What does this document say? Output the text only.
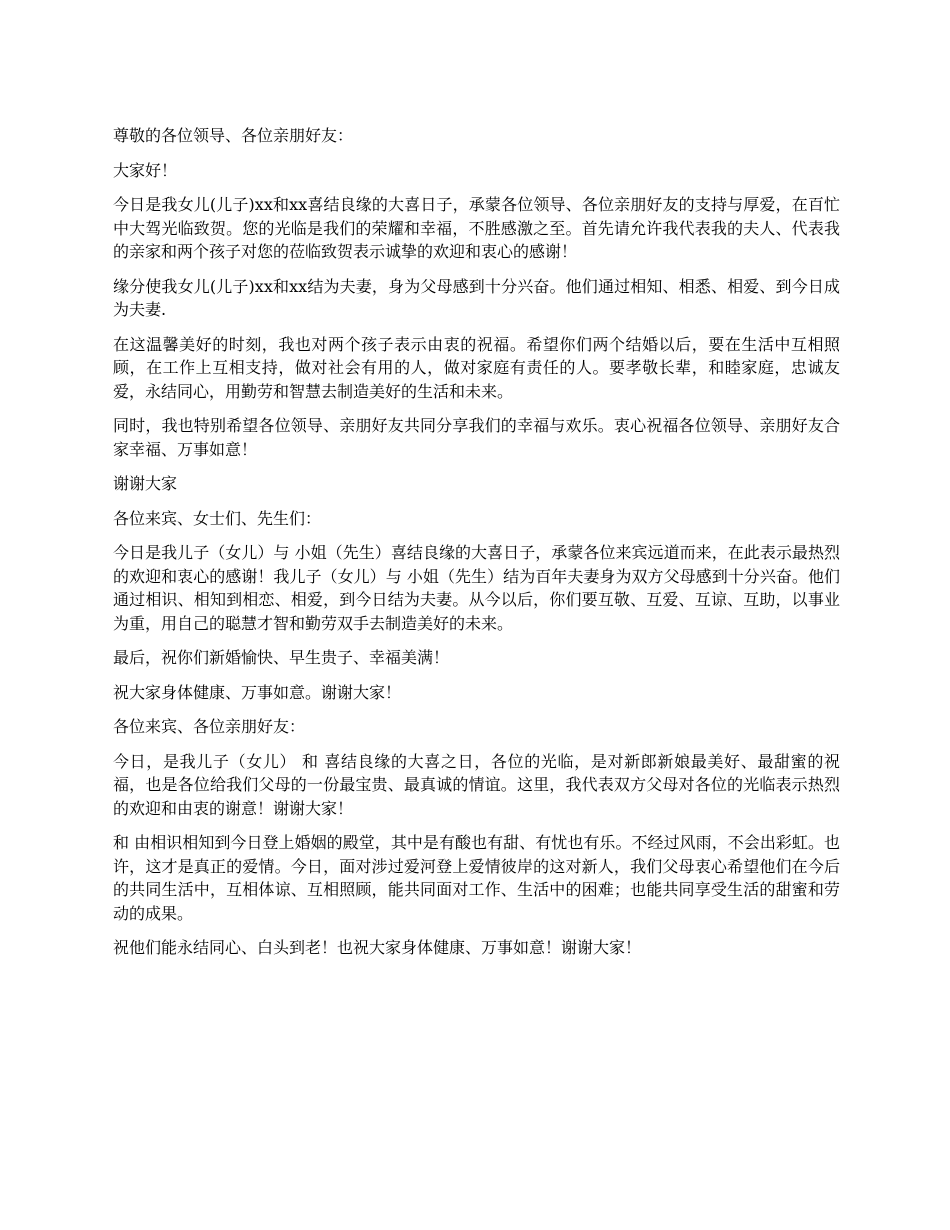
尊敬的各位领导、各位亲朋好友：

大家好！

今日是我女儿(儿子)xx和xx喜结良缘的大喜日子，承蒙各位领导、各位亲朋好友的支持与厚爱，在百忙中大驾光临致贺。您的光临是我们的荣耀和幸福，不胜感激之至。首先请允许我代表我的夫人、代表我的亲家和两个孩子对您的莅临致贺表示诚挚的欢迎和衷心的感谢！

缘分使我女儿(儿子)xx和xx结为夫妻，身为父母感到十分兴奋。他们通过相知、相悉、相爱、到今日成为夫妻.

在这温馨美好的时刻，我也对两个孩子表示由衷的祝福。希望你们两个结婚以后，要在生活中互相照顾，在工作上互相支持，做对社会有用的人，做对家庭有责任的人。要孝敬长辈，和睦家庭，忠诚友爱，永结同心，用勤劳和智慧去制造美好的生活和未来。

同时，我也特别希望各位领导、亲朋好友共同分享我们的幸福与欢乐。衷心祝福各位领导、亲朋好友合家幸福、万事如意！

谢谢大家

各位来宾、女士们、先生们：

今日是我儿子（女儿）与 小姐（先生）喜结良缘的大喜日子，承蒙各位来宾远道而来，在此表示最热烈的欢迎和衷心的感谢！我儿子（女儿）与 小姐（先生）结为百年夫妻身为双方父母感到十分兴奋。他们通过相识、相知到相恋、相爱，到今日结为夫妻。从今以后，你们要互敬、互爱、互谅、互助，以事业为重，用自己的聪慧才智和勤劳双手去制造美好的未来。

最后，祝你们新婚愉快、早生贵子、幸福美满！

祝大家身体健康、万事如意。谢谢大家！

各位来宾、各位亲朋好友：

今日，是我儿子（女儿） 和 喜结良缘的大喜之日，各位的光临，是对新郎新娘最美好、最甜蜜的祝福，也是各位给我们父母的一份最宝贵、最真诚的情谊。这里，我代表双方父母对各位的光临表示热烈的欢迎和由衷的谢意！谢谢大家！

和 由相识相知到今日登上婚姻的殿堂，其中是有酸也有甜、有忧也有乐。不经过风雨，不会出彩虹。也许，这才是真正的爱情。今日，面对涉过爱河登上爱情彼岸的这对新人，我们父母衷心希望他们在今后的共同生活中，互相体谅、互相照顾，能共同面对工作、生活中的困难；也能共同享受生活的甜蜜和劳动的成果。

祝他们能永结同心、白头到老！也祝大家身体健康、万事如意！谢谢大家！
